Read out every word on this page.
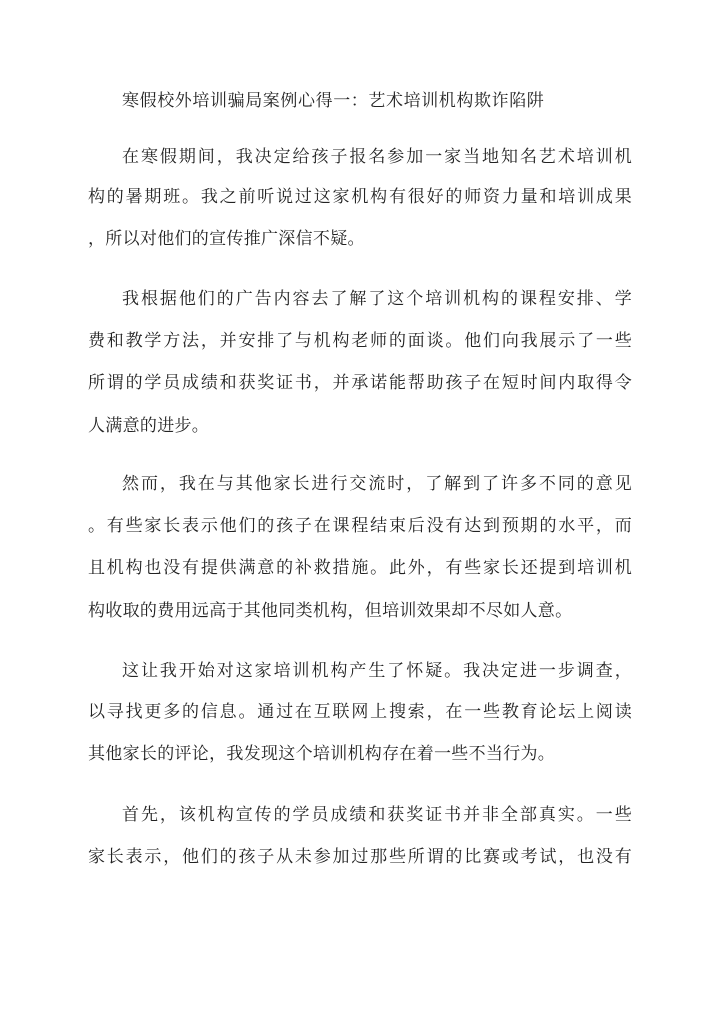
寒假校外培训骗局案例心得一：艺术培训机构欺诈陷阱
在寒假期间，我决定给孩子报名参加一家当地知名艺术培训机
构的暑期班。我之前听说过这家机构有很好的师资力量和培训成果
，所以对他们的宣传推广深信不疑。
我根据他们的广告内容去了解了这个培训机构的课程安排、学
费和教学方法，并安排了与机构老师的面谈。他们向我展示了一些
所谓的学员成绩和获奖证书，并承诺能帮助孩子在短时间内取得令
人满意的进步。
然而，我在与其他家长进行交流时，了解到了许多不同的意见
。有些家长表示他们的孩子在课程结束后没有达到预期的水平，而
且机构也没有提供满意的补救措施。此外，有些家长还提到培训机
构收取的费用远高于其他同类机构，但培训效果却不尽如人意。
这让我开始对这家培训机构产生了怀疑。我决定进一步调查，
以寻找更多的信息。通过在互联网上搜索，在一些教育论坛上阅读
其他家长的评论，我发现这个培训机构存在着一些不当行为。
首先，该机构宣传的学员成绩和获奖证书并非全部真实。一些
家长表示，他们的孩子从未参加过那些所谓的比赛或考试，也没有
